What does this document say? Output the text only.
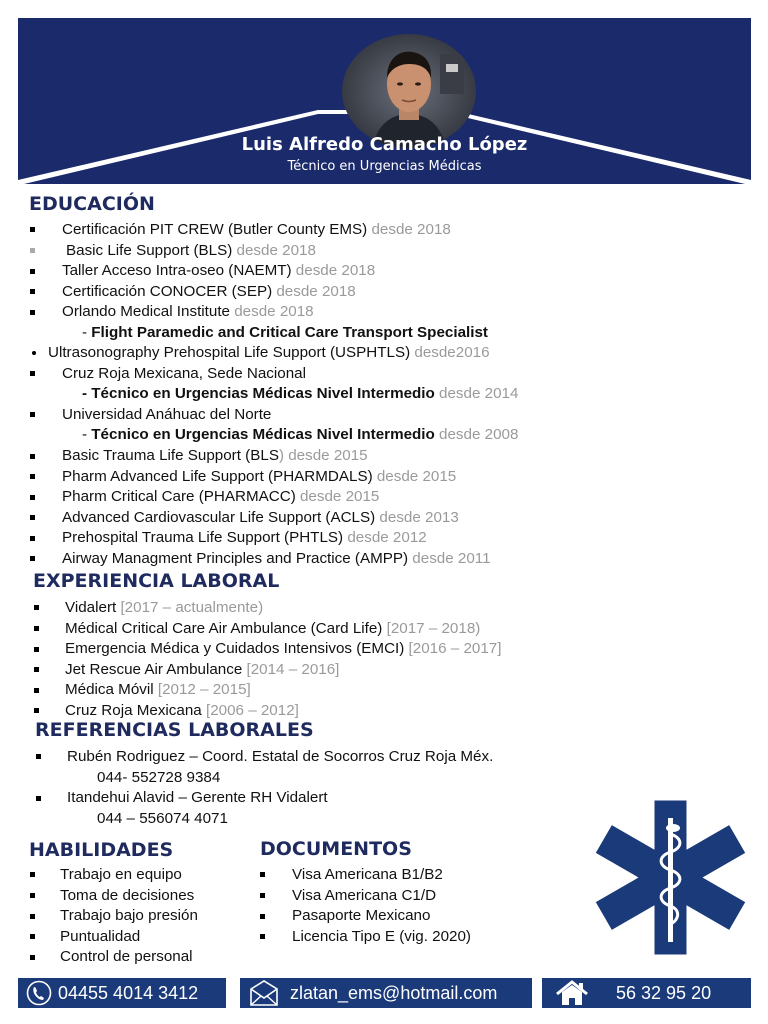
Luis Alfredo Camacho López
Técnico en Urgencias Médicas
EDUCACIÓN
Certificación PIT CREW (Butler County EMS) desde 2018
Basic Life Support (BLS) desde 2018
Taller Acceso Intra-oseo (NAEMT) desde 2018
Certificación CONOCER (SEP) desde 2018
Orlando Medical Institute desde 2018
- Flight Paramedic and Critical Care Transport Specialist
Ultrasonography Prehospital Life Support (USPHTLS) desde2016
Cruz Roja Mexicana, Sede Nacional
- Técnico en Urgencias Médicas Nivel Intermedio desde 2014
Universidad Anáhuac del Norte
- Técnico en Urgencias Médicas Nivel Intermedio desde 2008
Basic Trauma Life Support (BLS) desde 2015
Pharm Advanced Life Support (PHARMDALS) desde 2015
Pharm Critical Care (PHARMACC) desde 2015
Advanced Cardiovascular Life Support (ACLS) desde 2013
Prehospital Trauma Life Support (PHTLS) desde 2012
Airway Managment Principles and Practice (AMPP) desde 2011
EXPERIENCIA LABORAL
Vidalert [2017 – actualmente)
Médical Critical Care Air Ambulance (Card Life) [2017 – 2018)
Emergencia Médica y Cuidados Intensivos (EMCI) [2016 – 2017]
Jet Rescue Air Ambulance [2014 – 2016]
Médica Móvil [2012 – 2015]
Cruz Roja Mexicana [2006 – 2012]
REFERENCIAS LABORALES
Rubén Rodriguez – Coord. Estatal de Socorros Cruz Roja Méx.
044- 552728 9384
Itandehui Alavid – Gerente RH Vidalert
044 – 556074 4071
HABILIDADES
Trabajo en equipo
Toma de decisiones
Trabajo bajo presión
Puntualidad
Control de personal
DOCUMENTOS
Visa Americana B1/B2
Visa Americana C1/D
Pasaporte Mexicano
Licencia Tipo E (vig. 2020)
04455 4014 3412	zlatan_ems@hotmail.com	56 32 95 20
